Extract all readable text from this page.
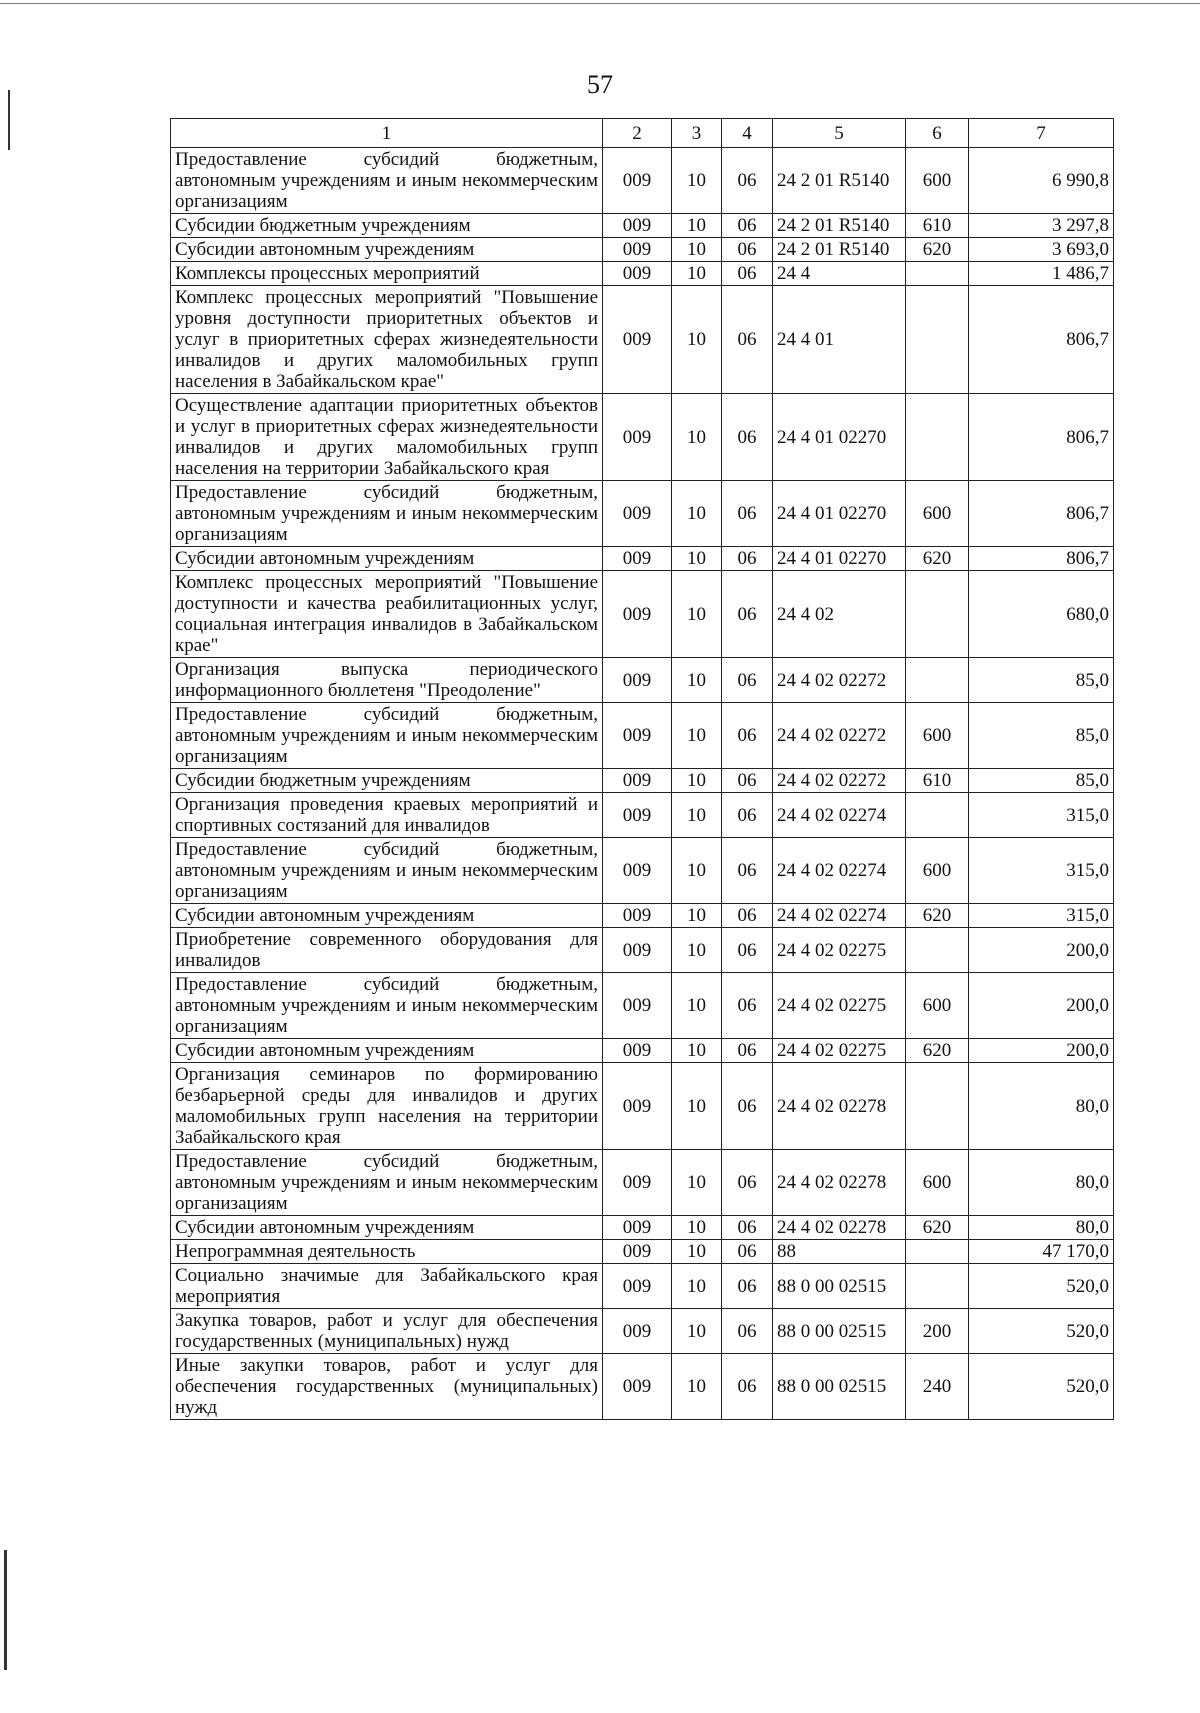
57
1	2	3	4	5	6	7
Предоставление субсидий бюджетным, автономным учреждениям и иным некоммерческим организациям	009	10	06	24 2 01 R5140	600	6 990,8
Субсидии бюджетным учреждениям	009	10	06	24 2 01 R5140	610	3 297,8
Субсидии автономным учреждениям	009	10	06	24 2 01 R5140	620	3 693,0
Комплексы процессных мероприятий	009	10	06	24 4		1 486,7
Комплекс процессных мероприятий "Повышение уровня доступности приоритетных объектов и услуг в приоритетных сферах жизнедеятельности инвалидов и других маломобильных групп населения в Забайкальском крае"	009	10	06	24 4 01		806,7
Осуществление адаптации приоритетных объектов и услуг в приоритетных сферах жизнедеятельности инвалидов и других маломобильных групп населения на территории Забайкальского края	009	10	06	24 4 01 02270		806,7
Предоставление субсидий бюджетным, автономным учреждениям и иным некоммерческим организациям	009	10	06	24 4 01 02270	600	806,7
Субсидии автономным учреждениям	009	10	06	24 4 01 02270	620	806,7
Комплекс процессных мероприятий "Повышение доступности и качества реабилитационных услуг, социальная интеграция инвалидов в Забайкальском крае"	009	10	06	24 4 02		680,0
Организация выпуска периодического информационного бюллетеня "Преодоление"	009	10	06	24 4 02 02272		85,0
Предоставление субсидий бюджетным, автономным учреждениям и иным некоммерческим организациям	009	10	06	24 4 02 02272	600	85,0
Субсидии бюджетным учреждениям	009	10	06	24 4 02 02272	610	85,0
Организация проведения краевых мероприятий и спортивных состязаний для инвалидов	009	10	06	24 4 02 02274		315,0
Предоставление субсидий бюджетным, автономным учреждениям и иным некоммерческим организациям	009	10	06	24 4 02 02274	600	315,0
Субсидии автономным учреждениям	009	10	06	24 4 02 02274	620	315,0
Приобретение современного оборудования для инвалидов	009	10	06	24 4 02 02275		200,0
Предоставление субсидий бюджетным, автономным учреждениям и иным некоммерческим организациям	009	10	06	24 4 02 02275	600	200,0
Субсидии автономным учреждениям	009	10	06	24 4 02 02275	620	200,0
Организация семинаров по формированию безбарьерной среды для инвалидов и других маломобильных групп населения на территории Забайкальского края	009	10	06	24 4 02 02278		80,0
Предоставление субсидий бюджетным, автономным учреждениям и иным некоммерческим организациям	009	10	06	24 4 02 02278	600	80,0
Субсидии автономным учреждениям	009	10	06	24 4 02 02278	620	80,0
Непрограммная деятельность	009	10	06	88		47 170,0
Социально значимые для Забайкальского края мероприятия	009	10	06	88 0 00 02515		520,0
Закупка товаров, работ и услуг для обеспечения государственных (муниципальных) нужд	009	10	06	88 0 00 02515	200	520,0
Иные закупки товаров, работ и услуг для обеспечения государственных (муниципальных) нужд	009	10	06	88 0 00 02515	240	520,0
